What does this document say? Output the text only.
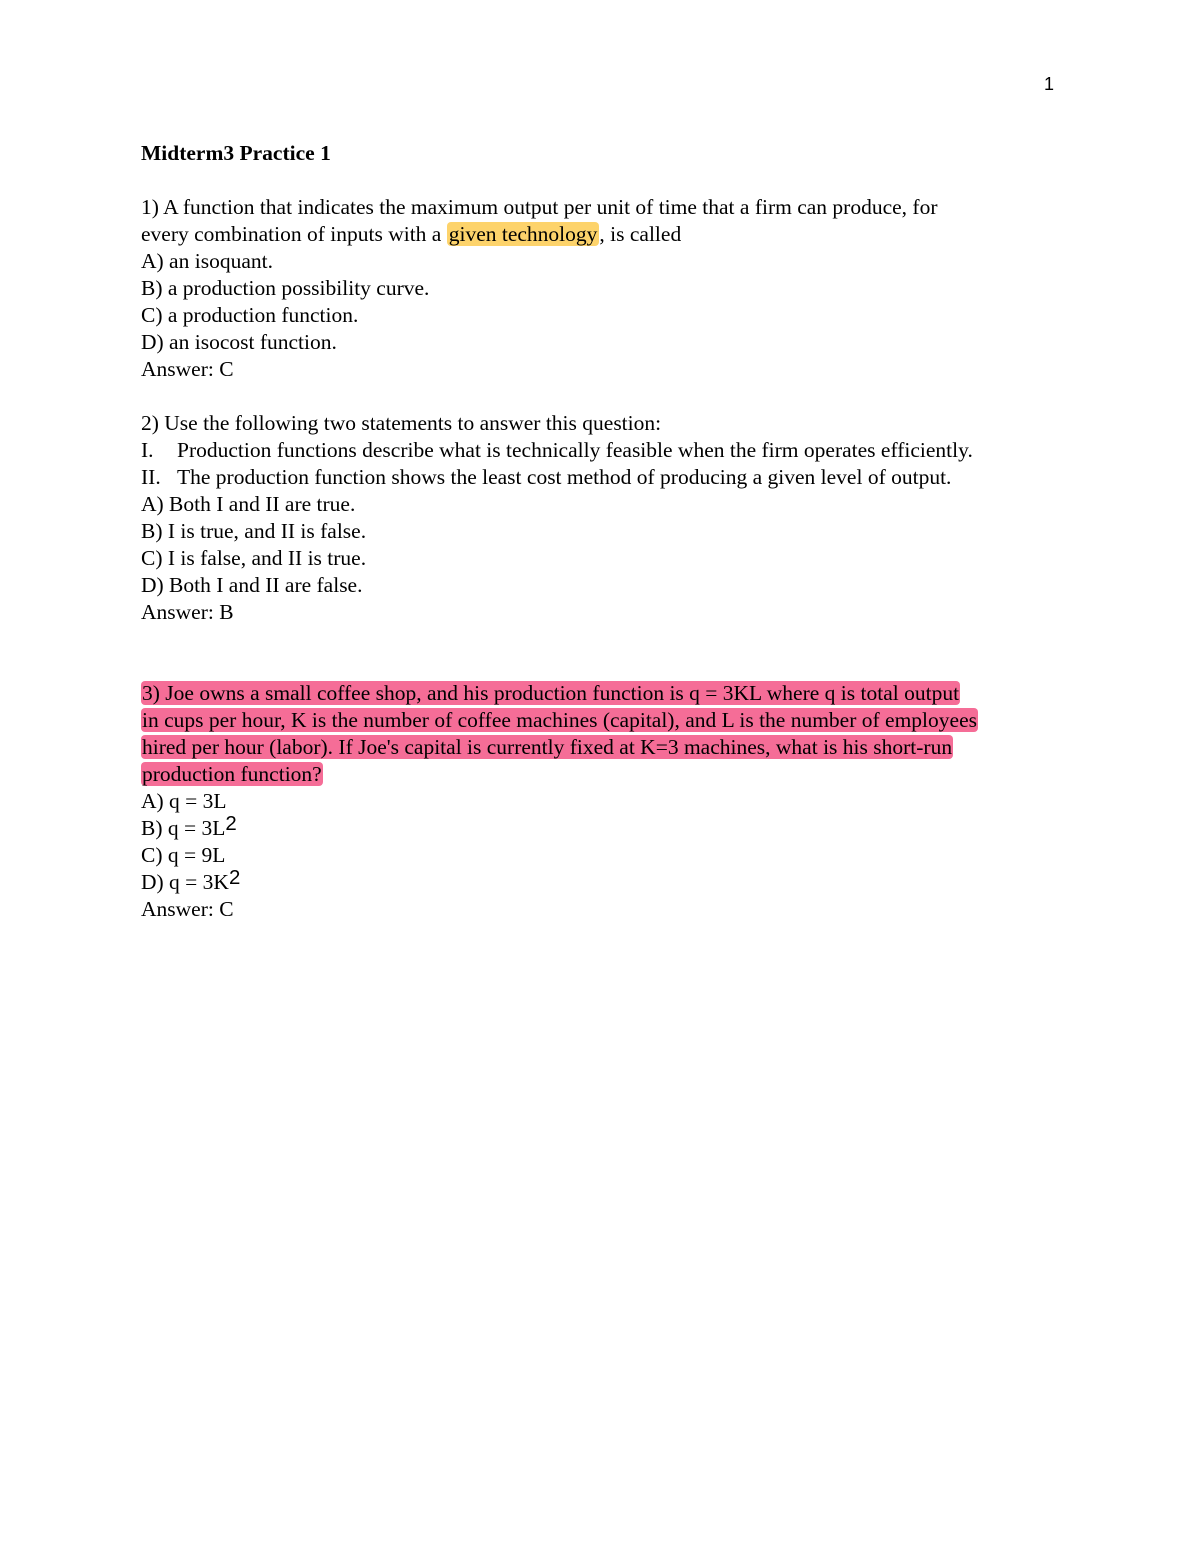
1
Midterm3 Practice 1
1) A function that indicates the maximum output per unit of time that a firm can produce, for
every combination of inputs with a given technology, is called
A) an isoquant.
B) a production possibility curve.
C) a production function.
D) an isocost function.
Answer: C
2) Use the following two statements to answer this question:
I. Production functions describe what is technically feasible when the firm operates efficiently.
II. The production function shows the least cost method of producing a given level of output.
A) Both I and II are true.
B) I is true, and II is false.
C) I is false, and II is true.
D) Both I and II are false.
Answer: B
3) Joe owns a small coffee shop, and his production function is q = 3KL where q is total output
in cups per hour, K is the number of coffee machines (capital), and L is the number of employees
hired per hour (labor). If Joe's capital is currently fixed at K=3 machines, what is his short-run
production function?
A) q = 3L
B) $q = 3L^2$
C) q = 9L
D) $q = 3K^2$
Answer: C
